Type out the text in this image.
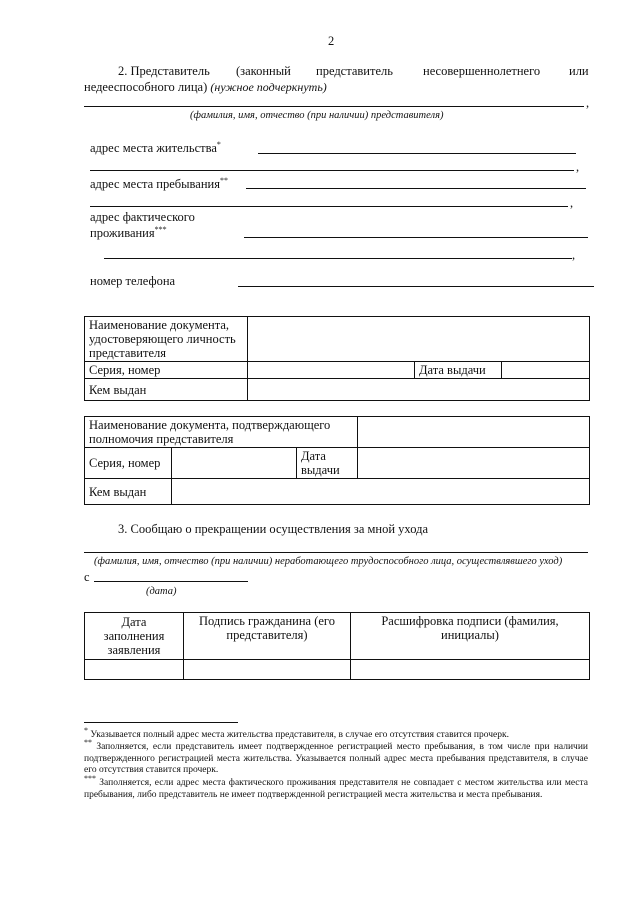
2
2. Представитель (законный представитель несовершеннолетнего или
недееспособного лица) (нужное подчеркнуть)
,
(фамилия, имя, отчество (при наличии) представителя)
адрес места жительства*
,
адрес места пребывания**
,
адрес фактического
проживания***
,
номер телефона
Наименование документа, удостоверяющего личность представителя			
Серия, номер		Дата выдачи	
Кем выдан			
Наименование документа, подтверждающего полномочия представителя			
Серия, номер		Дата выдачи	
Кем выдан			
3. Сообщаю о прекращении осуществления за мной ухода
(фамилия, имя, отчество (при наличии) неработающего трудоспособного лица, осуществлявшего уход)
с
(дата)
Дата заполнения заявления	Подпись гражданина (его представителя)	Расшифровка подписи (фамилия, инициалы)

* Указывается полный адрес места жительства представителя, в случае его отсутствия ставится прочерк.
** Заполняется, если представитель имеет подтвержденное регистрацией место пребывания, в том числе при наличии подтвержденного регистрацией места жительства. Указывается полный адрес места пребывания представителя, в случае его отсутствия ставится прочерк.
*** Заполняется, если адрес места фактического проживания представителя не совпадает с местом жительства или места пребывания, либо представитель не имеет подтвержденной регистрацией места жительства и места пребывания.
